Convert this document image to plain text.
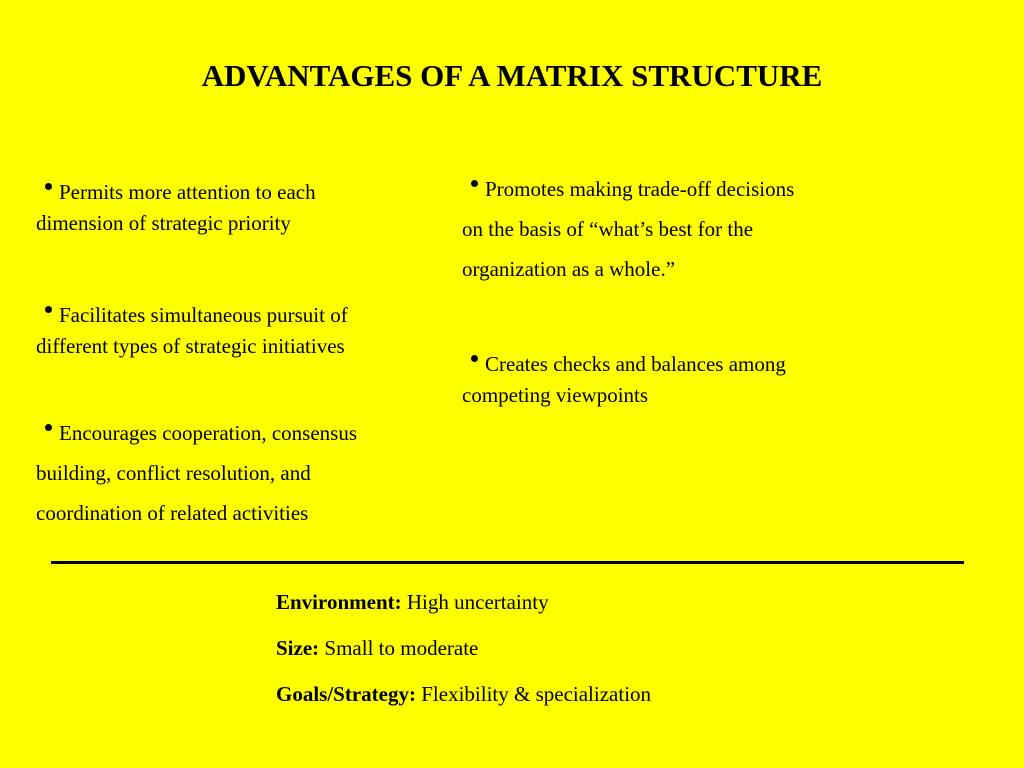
ADVANTAGES OF A MATRIX STRUCTURE
Permits more attention to each
dimension of strategic priority
Facilitates simultaneous pursuit of
different types of strategic initiatives
Encourages cooperation, consensus
building, conflict resolution, and
coordination of related activities
Promotes making trade-off decisions
on the basis of “what’s best for the
organization as a whole.”
Creates checks and balances among
competing viewpoints
Environment: High uncertainty
Size: Small to moderate
Goals/Strategy: Flexibility & specialization
